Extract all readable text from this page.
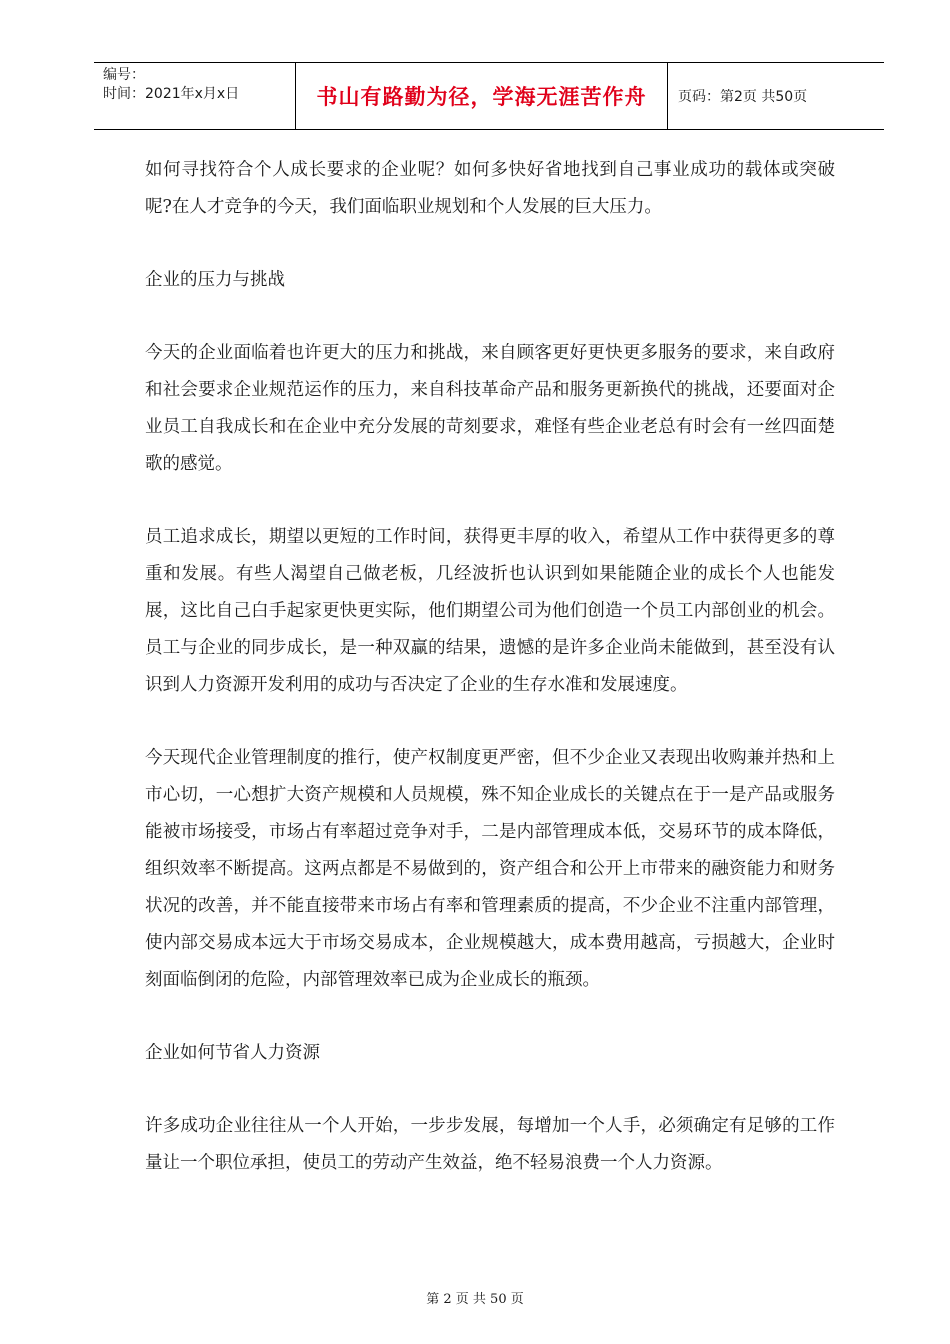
编号：
时间：2021年x月x日	书山有路勤为径，学海无涯苦作舟	页码：第2页 共50页

如何寻找符合个人成长要求的企业呢？如何多快好省地找到自己事业成功的载体或突破呢?在人才竞争的今天，我们面临职业规划和个人发展的巨大压力。

企业的压力与挑战

今天的企业面临着也许更大的压力和挑战，来自顾客更好更快更多服务的要求，来自政府和社会要求企业规范运作的压力，来自科技革命产品和服务更新换代的挑战，还要面对企业员工自我成长和在企业中充分发展的苛刻要求，难怪有些企业老总有时会有一丝四面楚歌的感觉。

员工追求成长，期望以更短的工作时间，获得更丰厚的收入，希望从工作中获得更多的尊重和发展。有些人渴望自己做老板，几经波折也认识到如果能随企业的成长个人也能发展，这比自己白手起家更快更实际，他们期望公司为他们创造一个员工内部创业的机会。员工与企业的同步成长，是一种双赢的结果，遗憾的是许多企业尚未能做到，甚至没有认识到人力资源开发利用的成功与否决定了企业的生存水准和发展速度。

今天现代企业管理制度的推行，使产权制度更严密，但不少企业又表现出收购兼并热和上市心切，一心想扩大资产规模和人员规模，殊不知企业成长的关键点在于一是产品或服务能被市场接受，市场占有率超过竞争对手，二是内部管理成本低，交易环节的成本降低，组织效率不断提高。这两点都是不易做到的，资产组合和公开上市带来的融资能力和财务状况的改善，并不能直接带来市场占有率和管理素质的提高，不少企业不注重内部管理，使内部交易成本远大于市场交易成本，企业规模越大，成本费用越高，亏损越大，企业时刻面临倒闭的危险，内部管理效率已成为企业成长的瓶颈。

企业如何节省人力资源

许多成功企业往往从一个人开始，一步步发展，每增加一个人手，必须确定有足够的工作量让一个职位承担，使员工的劳动产生效益，绝不轻易浪费一个人力资源。

第 2 页 共 50 页
